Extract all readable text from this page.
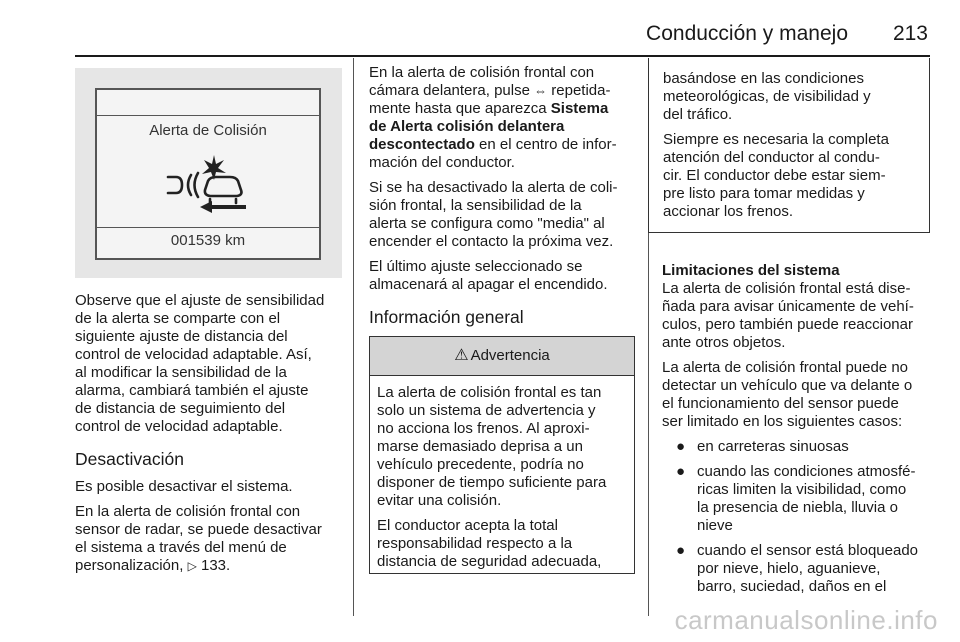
Conducción y manejo 213
Alerta de Colisión
001539 km

Observe que el ajuste de sensibilidad
de la alerta se comparte con el
siguiente ajuste de distancia del
control de velocidad adaptable. Así,
al modificar la sensibilidad de la
alarma, cambiará también el ajuste
de distancia de seguimiento del
control de velocidad adaptable.

Desactivación

Es posible desactivar el sistema.

En la alerta de colisión frontal con
sensor de radar, se puede desactivar
el sistema a través del menú de
personalización, ▷ 133.

En la alerta de colisión frontal con
cámara delantera, pulse ⇔ repetida-
mente hasta que aparezca Sistema
de Alerta colisión delantera
descontectado en el centro de infor-
mación del conductor.

Si se ha desactivado la alerta de coli-
sión frontal, la sensibilidad de la
alerta se configura como "media" al
encender el contacto la próxima vez.

El último ajuste seleccionado se
almacenará al apagar el encendido.

Información general
⚠ Advertencia

La alerta de colisión frontal es tan
solo un sistema de advertencia y
no acciona los frenos. Al aproxi-
marse demasiado deprisa a un
vehículo precedente, podría no
disponer de tiempo suficiente para
evitar una colisión.

El conductor acepta la total
responsabilidad respecto a la
distancia de seguridad adecuada,

basándose en las condiciones
meteorológicas, de visibilidad y
del tráfico.

Siempre es necesaria la completa
atención del conductor al condu-
cir. El conductor debe estar siem-
pre listo para tomar medidas y
accionar los frenos.

Limitaciones del sistema

La alerta de colisión frontal está dise-
ñada para avisar únicamente de vehí-
culos, pero también puede reaccionar
ante otros objetos.

La alerta de colisión frontal puede no
detectar un vehículo que va delante o
el funcionamiento del sensor puede
ser limitado en los siguientes casos:

● en carreteras sinuosas
● cuando las condiciones atmosfé-
ricas limiten la visibilidad, como
la presencia de niebla, lluvia o
nieve
● cuando el sensor está bloqueado
por nieve, hielo, aguanieve,
barro, suciedad, daños en el
carmanualsonline.info
